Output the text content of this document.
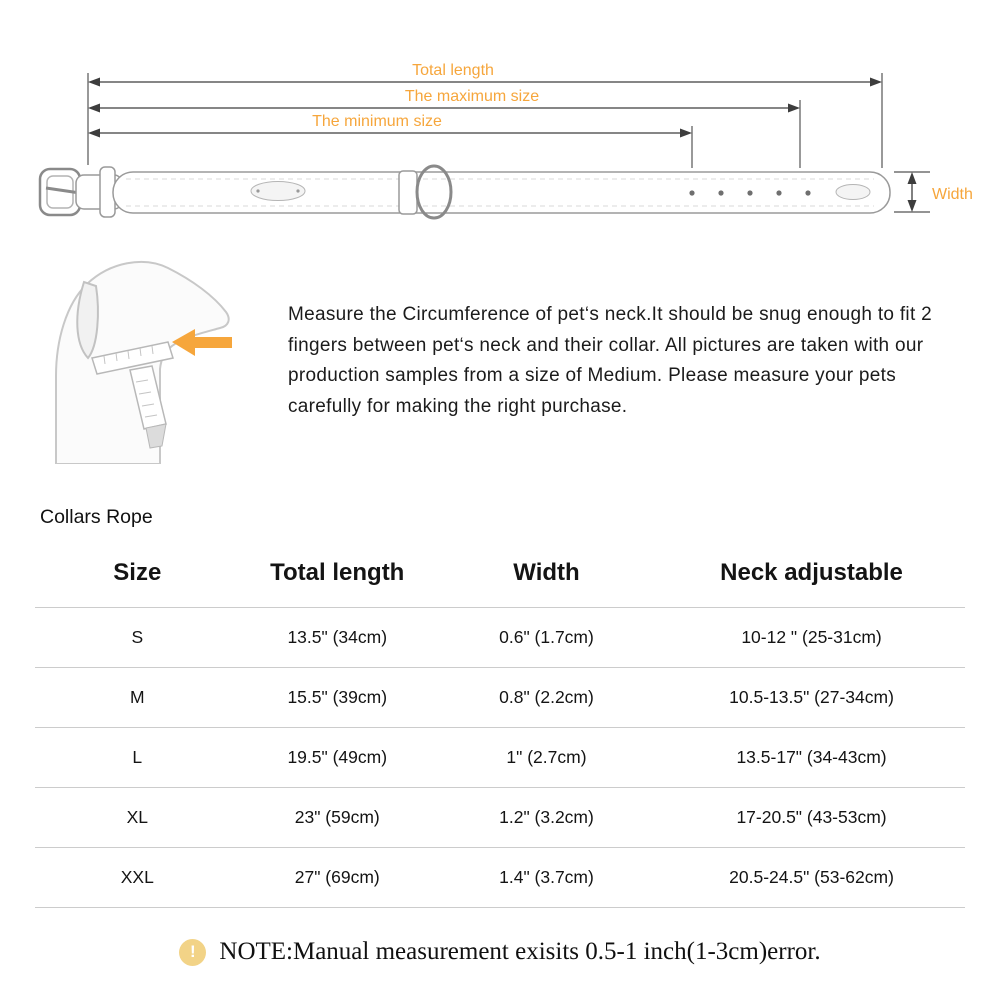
Total length
The maximum size
The minimum size
Width

Measure the Circumference of pet‘s neck.It should be snug enough to fit 2 fingers between pet‘s neck and their collar. All pictures are taken with our production samples from a size of Medium. Please measure your pets carefully for making the right purchase.

Collars Rope
Size	Total length	Width	Neck adjustable
S	13.5" (34cm)	0.6" (1.7cm)	10-12 " (25-31cm)
M	15.5" (39cm)	0.8" (2.2cm)	10.5-13.5" (27-34cm)
L	19.5" (49cm)	1" (2.7cm)	13.5-17" (34-43cm)
XL	23" (59cm)	1.2" (3.2cm)	17-20.5" (43-53cm)
XXL	27" (69cm)	1.4" (3.7cm)	20.5-24.5" (53-62cm)
! NOTE:Manual measurement exisits 0.5-1 inch(1-3cm)error.
